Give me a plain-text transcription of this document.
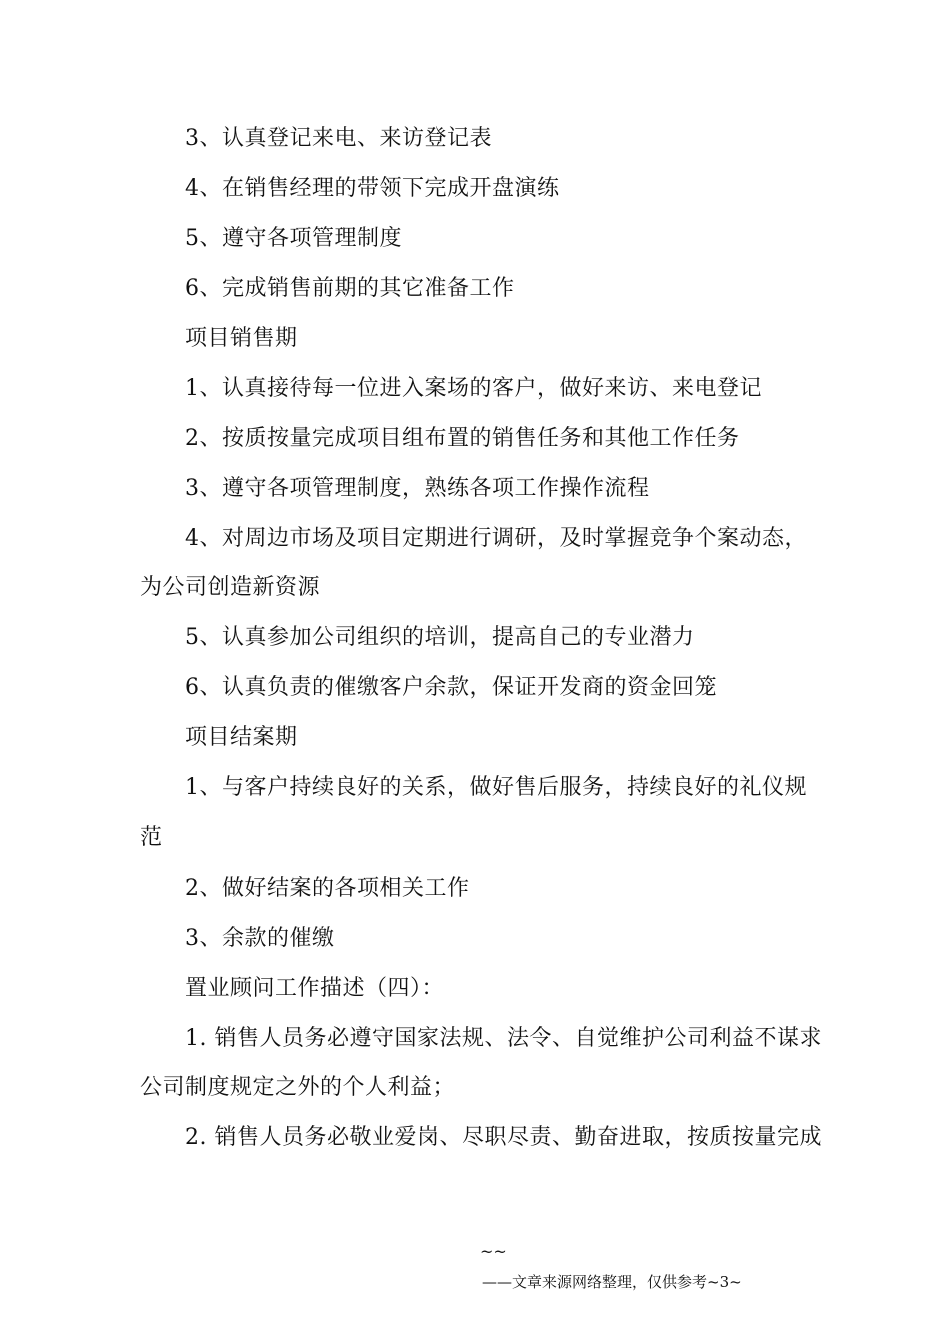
3、认真登记来电、来访登记表
4、在销售经理的带领下完成开盘演练
5、遵守各项管理制度
6、完成销售前期的其它准备工作
项目销售期
1、认真接待每一位进入案场的客户，做好来访、来电登记
2、按质按量完成项目组布置的销售任务和其他工作任务
3、遵守各项管理制度，熟练各项工作操作流程
4、对周边市场及项目定期进行调研，及时掌握竞争个案动态，
为公司创造新资源
5、认真参加公司组织的培训，提高自己的专业潜力
6、认真负责的催缴客户余款，保证开发商的资金回笼
项目结案期
1、与客户持续良好的关系，做好售后服务，持续良好的礼仪规
范
2、做好结案的各项相关工作
3、余款的催缴
置业顾问工作描述（四）：
1. 销售人员务必遵守国家法规、法令、自觉维护公司利益不谋求
公司制度规定之外的个人利益；
2. 销售人员务必敬业爱岗、尽职尽责、勤奋进取，按质按量完成
~~
——文章来源网络整理，仅供参考~3~
